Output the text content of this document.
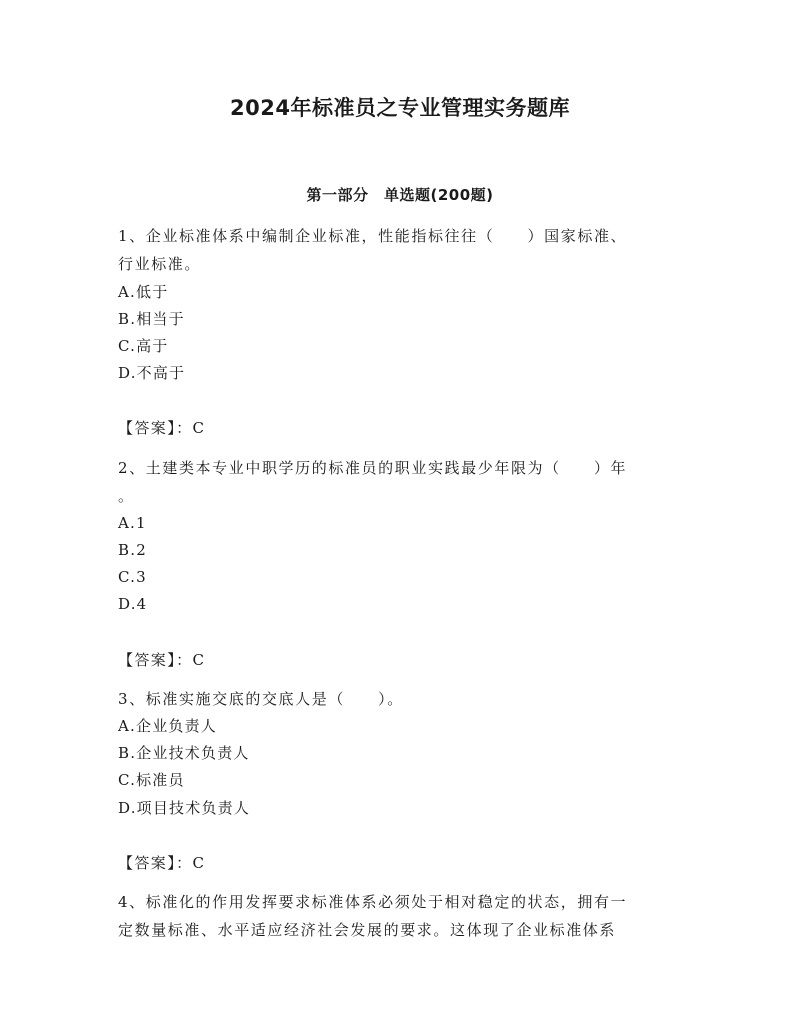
2024年标准员之专业管理实务题库
第一部分　单选题(200题)
1、企业标准体系中编制企业标准，性能指标往往（　　）国家标准、
行业标准。
A.低于
B.相当于
C.高于
D.不高于
【答案】：C
2、土建类本专业中职学历的标准员的职业实践最少年限为（　　）年
。
A.1
B.2
C.3
D.4
【答案】：C
3、标准实施交底的交底人是（　　）。
A.企业负责人
B.企业技术负责人
C.标准员
D.项目技术负责人
【答案】：C
4、标准化的作用发挥要求标准体系必须处于相对稳定的状态，拥有一
定数量标准、水平适应经济社会发展的要求。这体现了企业标准体系
